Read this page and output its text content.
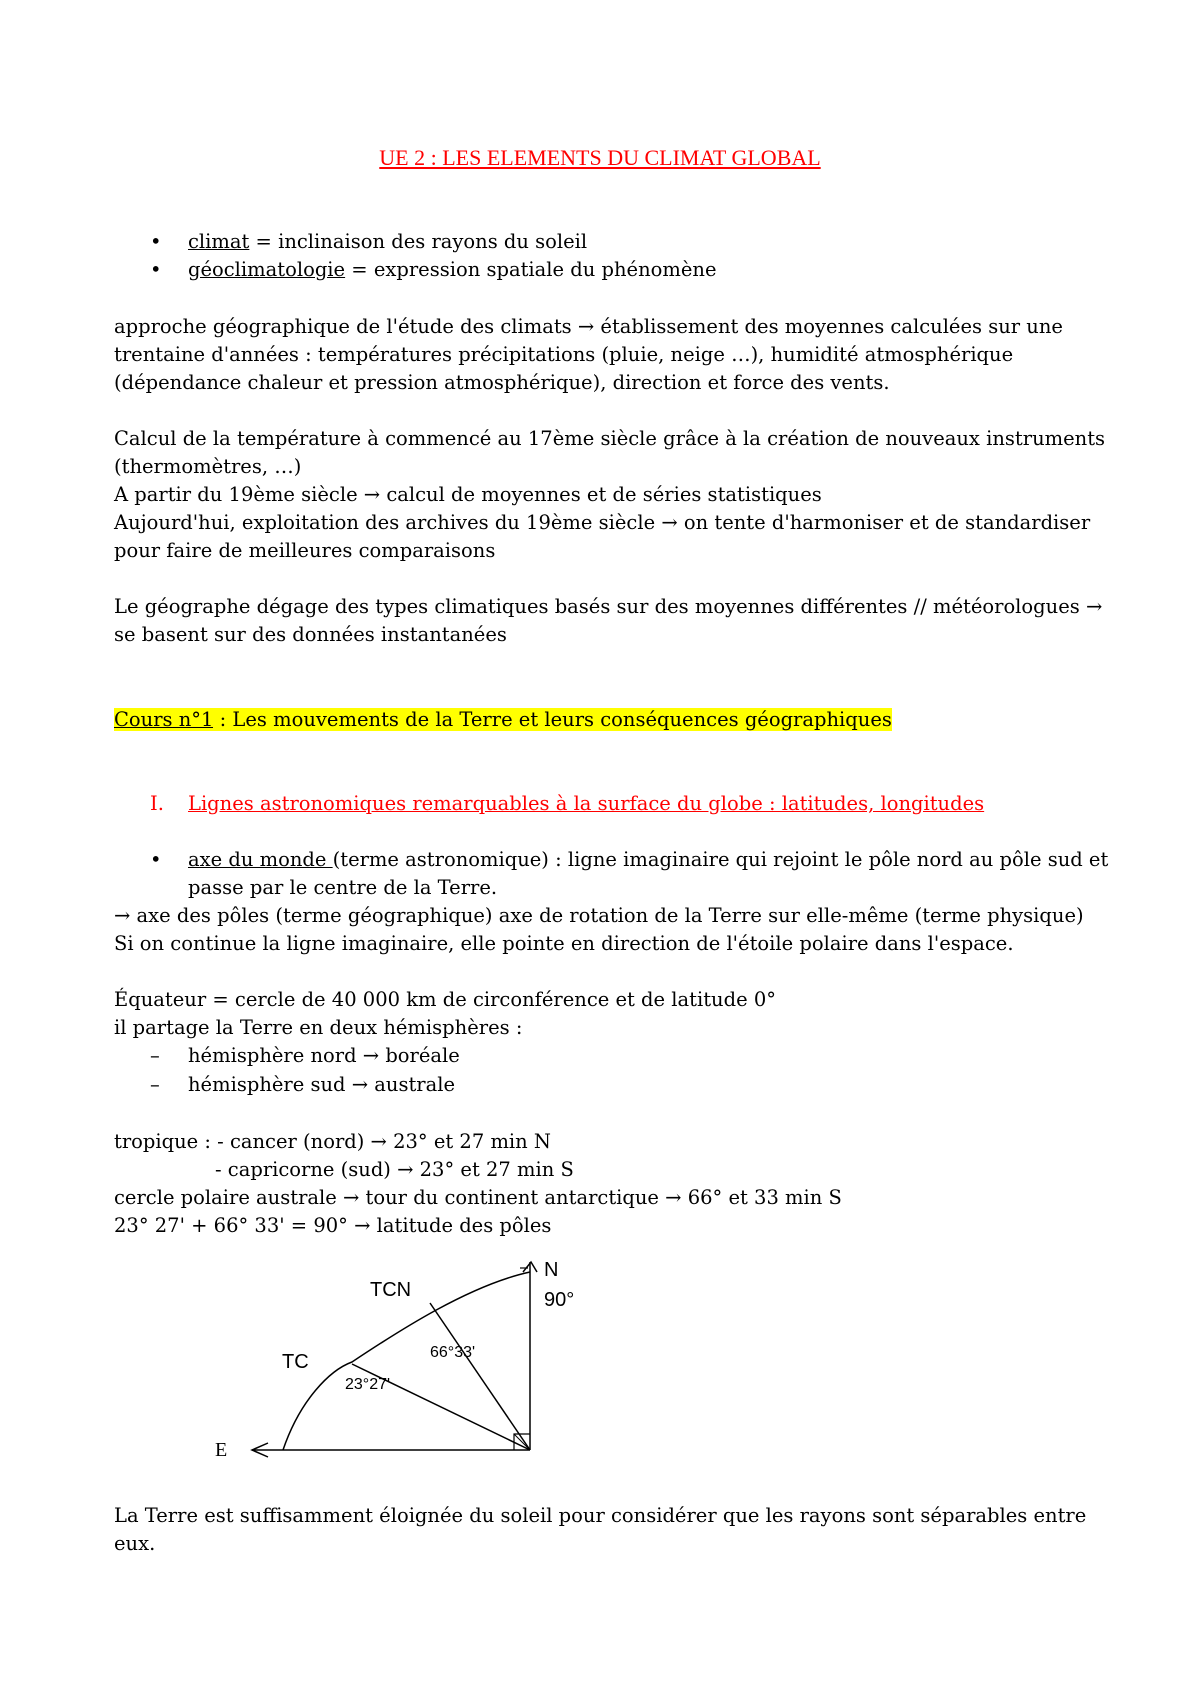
UE 2 : LES ELEMENTS DU CLIMAT GLOBAL
• climat = inclinaison des rayons du soleil
• géoclimatologie = expression spatiale du phénomène
approche géographique de l'étude des climats → établissement des moyennes calculées sur une
trentaine d'années : températures précipitations (pluie, neige …), humidité atmosphérique
(dépendance chaleur et pression atmosphérique), direction et force des vents.
Calcul de la température à commencé au 17ème siècle grâce à la création de nouveaux instruments
(thermomètres, …)
A partir du 19ème siècle → calcul de moyennes et de séries statistiques
Aujourd'hui, exploitation des archives du 19ème siècle → on tente d'harmoniser et de standardiser
pour faire de meilleures comparaisons
Le géographe dégage des types climatiques basés sur des moyennes différentes // météorologues →
se basent sur des données instantanées
Cours n°1 : Les mouvements de la Terre et leurs conséquences géographiques
I. Lignes astronomiques remarquables à la surface du globe : latitudes, longitudes
• axe du monde (terme astronomique) : ligne imaginaire qui rejoint le pôle nord au pôle sud et
passe par le centre de la Terre.
→ axe des pôles (terme géographique) axe de rotation de la Terre sur elle-même (terme physique)
Si on continue la ligne imaginaire, elle pointe en direction de l'étoile polaire dans l'espace.
Équateur = cercle de 40 000 km de circonférence et de latitude 0°
il partage la Terre en deux hémisphères :
– hémisphère nord → boréale
– hémisphère sud → australe
tropique : - cancer (nord) → 23° et 27 min N
- capricorne (sud) → 23° et 27 min S
cercle polaire australe → tour du continent antarctique → 66° et 33 min S
23° 27' + 66° 33' = 90° → latitude des pôles
N
90°
TCN
TC	66°33'
23°27'
E
La Terre est suffisamment éloignée du soleil pour considérer que les rayons sont séparables entre
eux.
